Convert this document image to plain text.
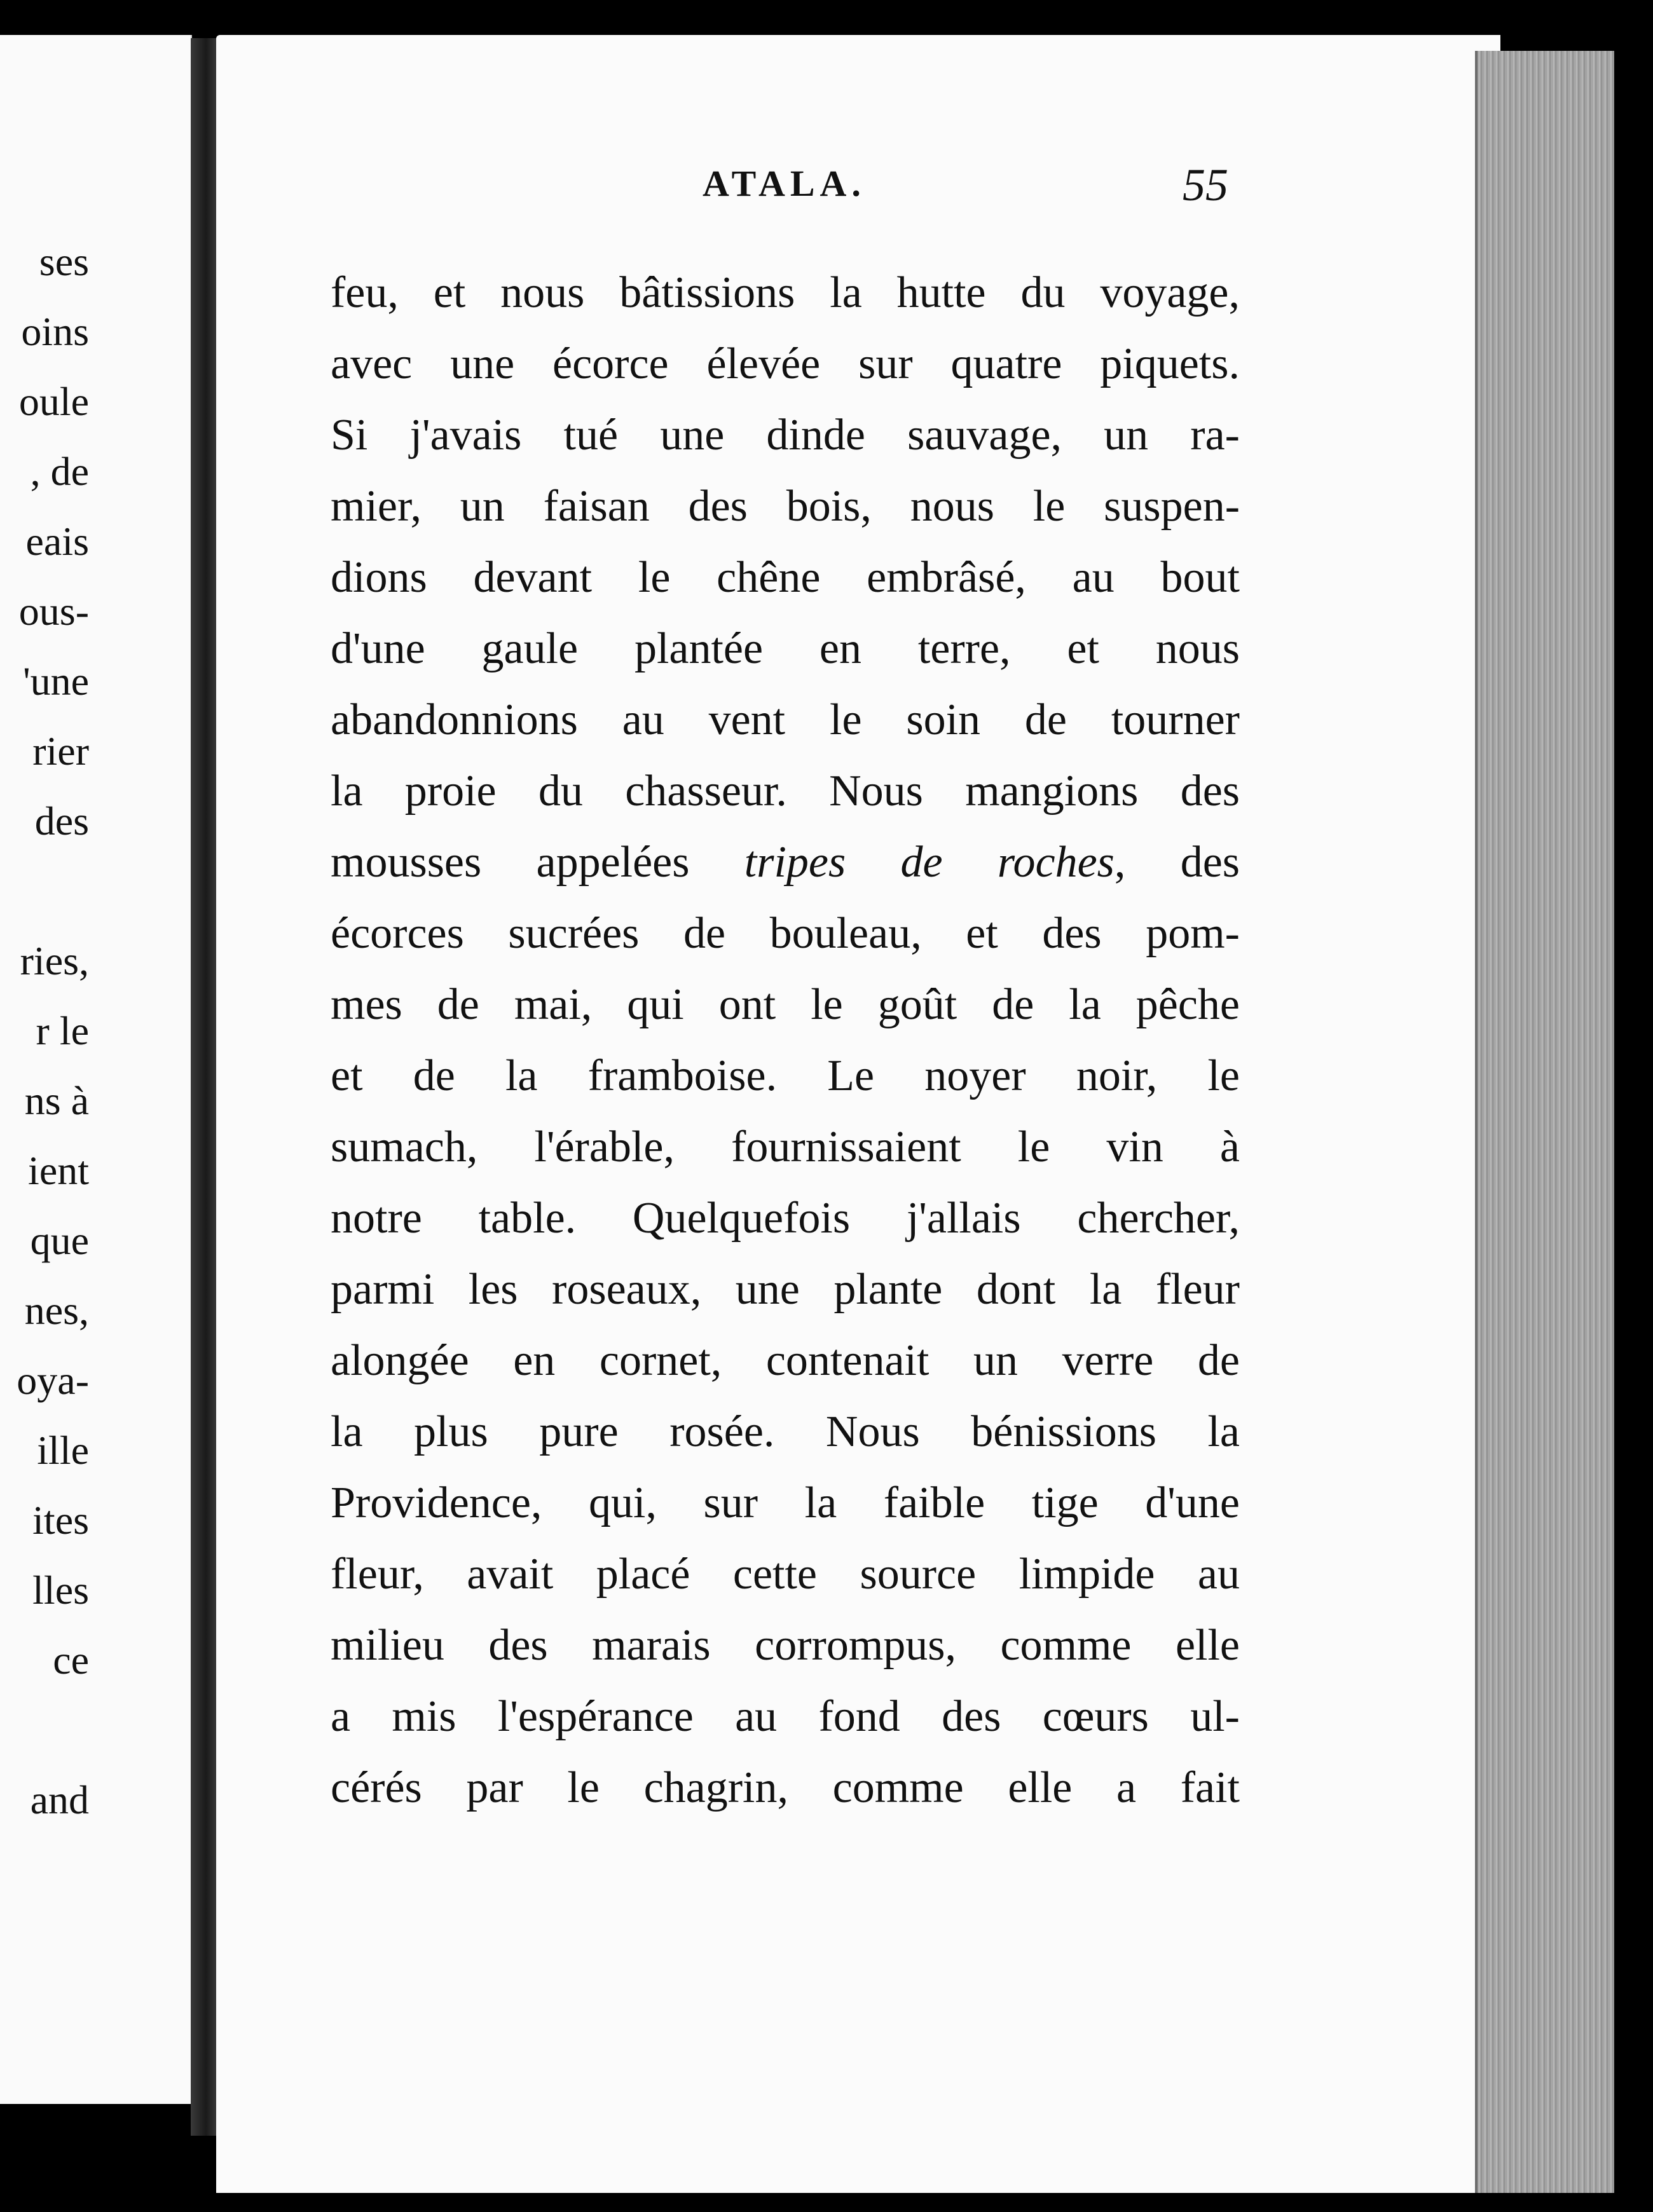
ses
oins
oule
, de
eais
ous-
'une
rier
des
ries,
r le
ns à
ient
que
nes,
oya-
ille
ites
lles
ce
and
ATALA.	55
feu, et nous bâtissions la hutte du voyage,
avec une écorce élevée sur quatre piquets.
Si j'avais tué une dinde sauvage, un ra-
mier, un faisan des bois, nous le suspen-
dions devant le chêne embrâsé, au bout
d'une gaule plantée en terre, et nous
abandonnions au vent le soin de tourner
la proie du chasseur. Nous mangions des
mousses appelées tripes de roches, des
écorces sucrées de bouleau, et des pom-
mes de mai, qui ont le goût de la pêche
et de la framboise. Le noyer noir, le
sumach, l'érable, fournissaient le vin à
notre table. Quelquefois j'allais chercher,
parmi les roseaux, une plante dont la fleur
alongée en cornet, contenait un verre de
la plus pure rosée. Nous bénissions la
Providence, qui, sur la faible tige d'une
fleur, avait placé cette source limpide au
milieu des marais corrompus, comme elle
a mis l'espérance au fond des cœurs ul-
cérés par le chagrin, comme elle a fait
